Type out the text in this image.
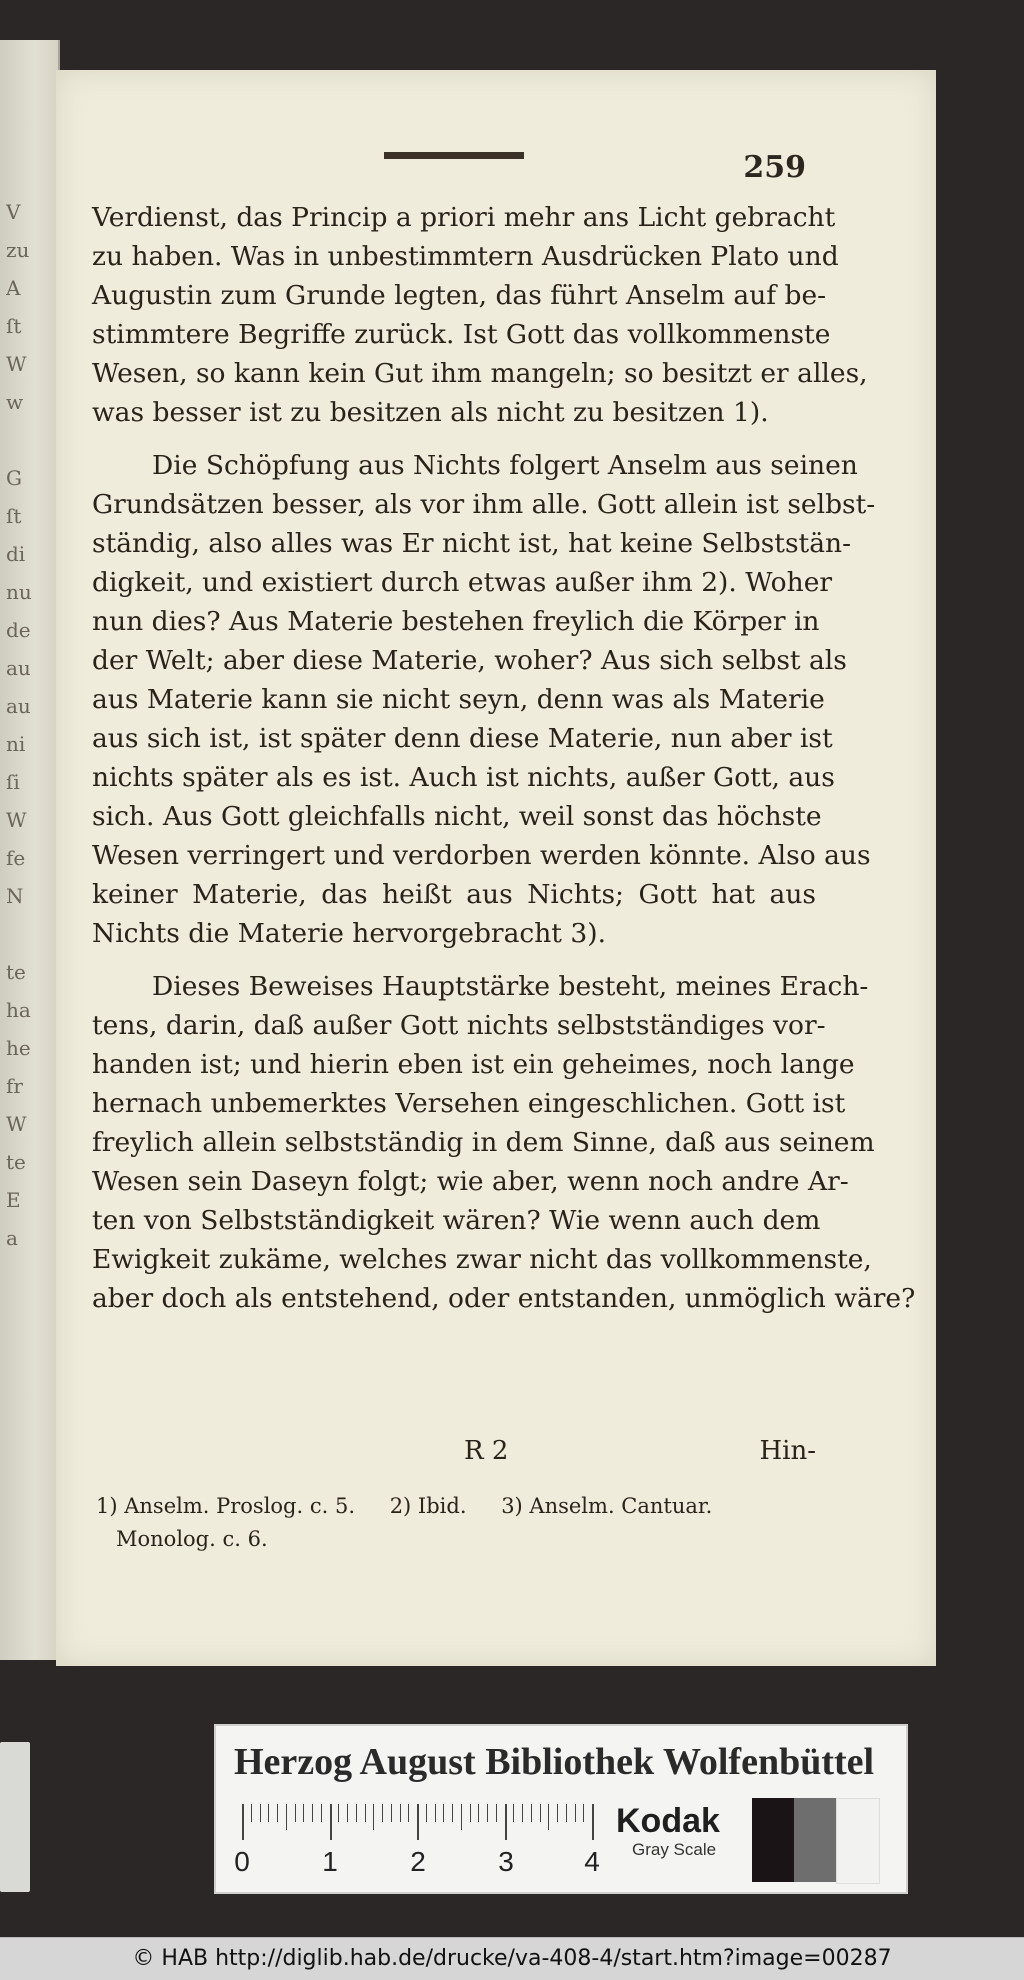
V
zu
A
ſt
W
w
G
ſt
di
nu
de
au
au
ni
ſi
W
fe
N
te
ha
he
fr
W
te
E
a
259
Verdienst, das Princip a priori mehr ans Licht gebracht
zu haben. Was in unbestimmtern Ausdrücken Plato und
Augustin zum Grunde legten, das führt Anselm auf be-
stimmtere Begriffe zurück. Ist Gott das vollkommenste
Wesen, so kann kein Gut ihm mangeln; so besitzt er alles,
was besser ist zu besitzen als nicht zu besitzen 1).
Die Schöpfung aus Nichts folgert Anselm aus seinen
Grundsätzen besser, als vor ihm alle. Gott allein ist selbst-
ständig, also alles was Er nicht ist, hat keine Selbststän-
digkeit, und existiert durch etwas außer ihm 2). Woher
nun dies? Aus Materie bestehen freylich die Körper in
der Welt; aber diese Materie, woher? Aus sich selbst als
aus Materie kann sie nicht seyn, denn was als Materie
aus sich ist, ist später denn diese Materie, nun aber ist
nichts später als es ist. Auch ist nichts, außer Gott, aus
sich. Aus Gott gleichfalls nicht, weil sonst das höchste
Wesen verringert und verdorben werden könnte. Also aus
keiner Materie, das heißt aus Nichts; Gott hat aus
Nichts die Materie hervorgebracht 3).
Dieses Beweises Hauptstärke besteht, meines Erach-
tens, darin, daß außer Gott nichts selbstständiges vor-
handen ist; und hierin eben ist ein geheimes, noch lange
hernach unbemerktes Versehen eingeschlichen. Gott ist
freylich allein selbstständig in dem Sinne, daß aus seinem
Wesen sein Daseyn folgt; wie aber, wenn noch andre Ar-
ten von Selbstständigkeit wären? Wie wenn auch dem
Ewigkeit zukäme, welches zwar nicht das vollkommenste,
aber doch als entstehend, oder entstanden, unmöglich wäre?
R 2	Hin-
1) Anselm. Proslog. c. 5. 2) Ibid. 3) Anselm. Cantuar.
Monolog. c. 6.
Herzog August Bibliothek Wolfenbüttel
0	1	2	3	4
Kodak
Gray Scale
© HAB http://diglib.hab.de/drucke/va-408-4/start.htm?image=00287
